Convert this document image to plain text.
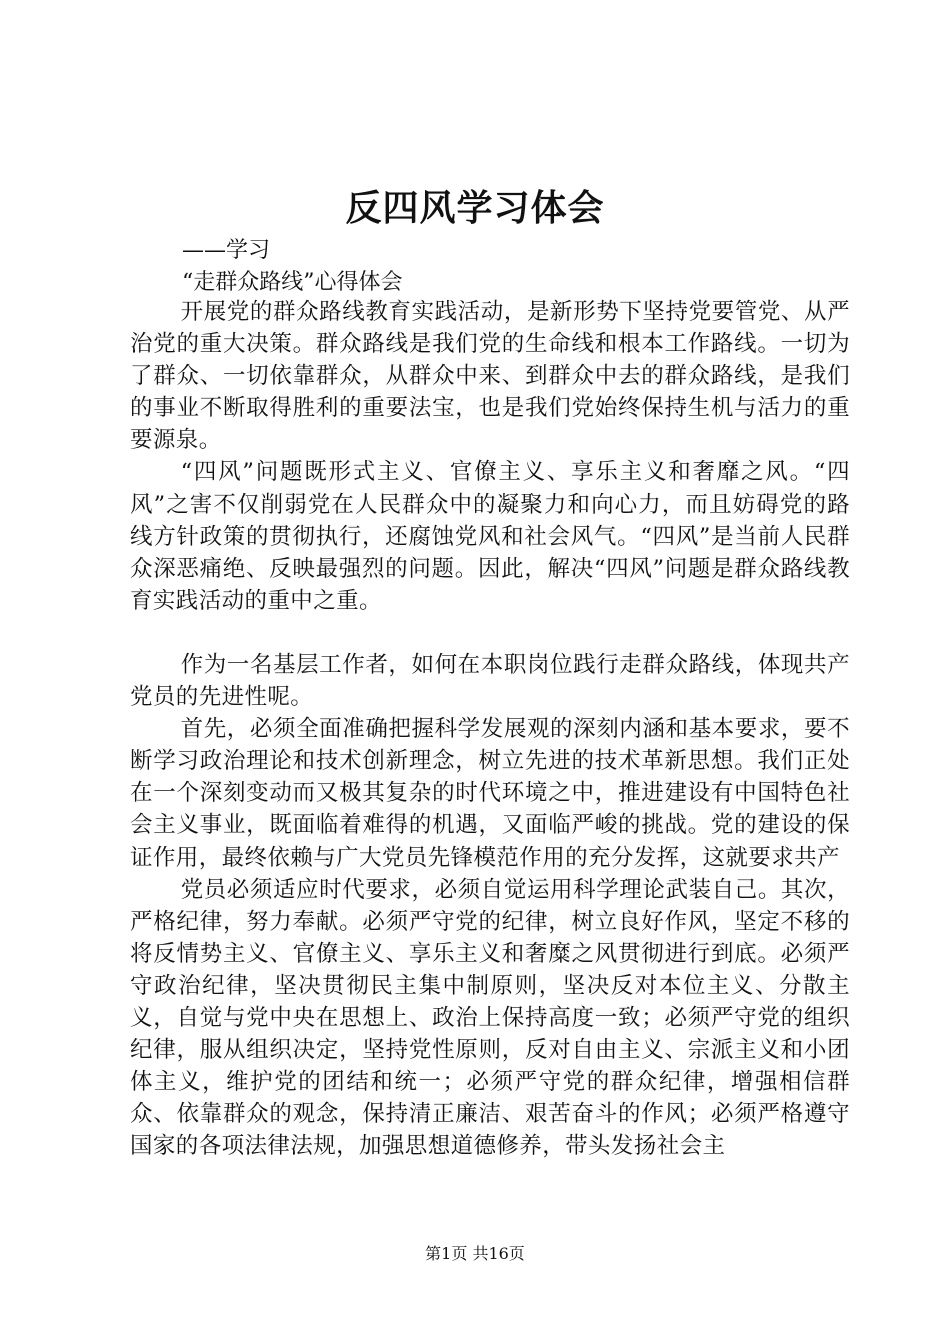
反四风学习体会

——学习

“走群众路线”心得体会

开展党的群众路线教育实践活动，是新形势下坚持党要管党、从严治党的重大决策。群众路线是我们党的生命线和根本工作路线。一切为了群众、一切依靠群众，从群众中来、到群众中去的群众路线，是我们的事业不断取得胜利的重要法宝，也是我们党始终保持生机与活力的重要源泉。

“四风”问题既形式主义、官僚主义、享乐主义和奢靡之风。“四风”之害不仅削弱党在人民群众中的凝聚力和向心力，而且妨碍党的路线方针政策的贯彻执行，还腐蚀党风和社会风气。“四风”是当前人民群众深恶痛绝、反映最强烈的问题。因此，解决“四风”问题是群众路线教育实践活动的重中之重。

作为一名基层工作者，如何在本职岗位践行走群众路线，体现共产党员的先进性呢。

首先，必须全面准确把握科学发展观的深刻内涵和基本要求，要不断学习政治理论和技术创新理念，树立先进的技术革新思想。我们正处在一个深刻变动而又极其复杂的时代环境之中，推进建设有中国特色社会主义事业，既面临着难得的机遇，又面临严峻的挑战。党的建设的保证作用，最终依赖与广大党员先锋模范作用的充分发挥，这就要求共产

党员必须适应时代要求，必须自觉运用科学理论武装自己。其次，严格纪律，努力奉献。必须严守党的纪律，树立良好作风，坚定不移的将反情势主义、官僚主义、享乐主义和奢糜之风贯彻进行到底。必须严守政治纪律，坚决贯彻民主集中制原则，坚决反对本位主义、分散主义，自觉与党中央在思想上、政治上保持高度一致；必须严守党的组织纪律，服从组织决定，坚持党性原则，反对自由主义、宗派主义和小团体主义，维护党的团结和统一；必须严守党的群众纪律，增强相信群众、依靠群众的观念，保持清正廉洁、艰苦奋斗的作风；必须严格遵守国家的各项法律法规，加强思想道德修养，带头发扬社会主

第1页 共16页
